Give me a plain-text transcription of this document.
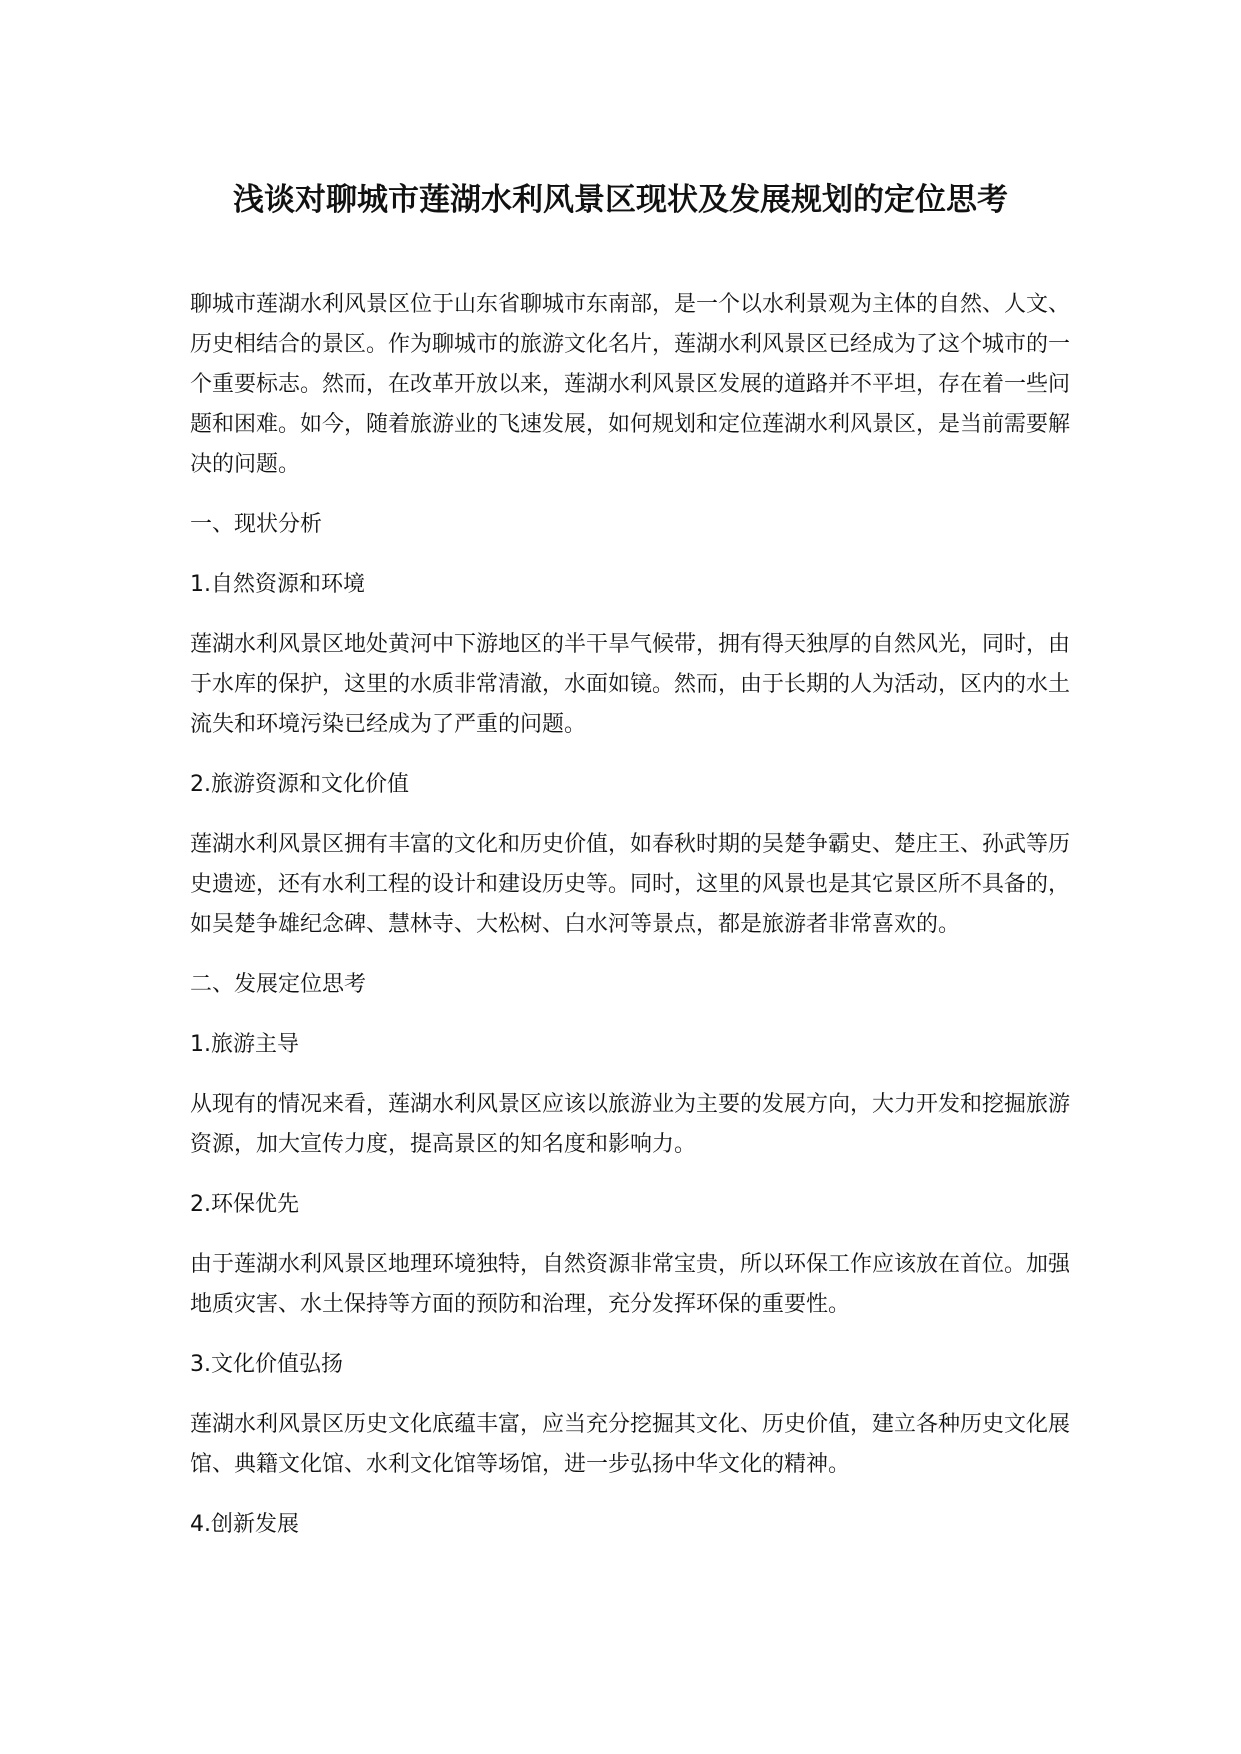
浅谈对聊城市莲湖水利风景区现状及发展规划的定位思考

聊城市莲湖水利风景区位于山东省聊城市东南部，是一个以水利景观为主体的自然、人文、历史相结合的景区。作为聊城市的旅游文化名片，莲湖水利风景区已经成为了这个城市的一个重要标志。然而，在改革开放以来，莲湖水利风景区发展的道路并不平坦，存在着一些问题和困难。如今，随着旅游业的飞速发展，如何规划和定位莲湖水利风景区，是当前需要解决的问题。

一、现状分析

1.自然资源和环境

莲湖水利风景区地处黄河中下游地区的半干旱气候带，拥有得天独厚的自然风光，同时，由于水库的保护，这里的水质非常清澈，水面如镜。然而，由于长期的人为活动，区内的水土流失和环境污染已经成为了严重的问题。

2.旅游资源和文化价值

莲湖水利风景区拥有丰富的文化和历史价值，如春秋时期的吴楚争霸史、楚庄王、孙武等历史遗迹，还有水利工程的设计和建设历史等。同时，这里的风景也是其它景区所不具备的，如吴楚争雄纪念碑、慧林寺、大松树、白水河等景点，都是旅游者非常喜欢的。

二、发展定位思考

1.旅游主导

从现有的情况来看，莲湖水利风景区应该以旅游业为主要的发展方向，大力开发和挖掘旅游资源，加大宣传力度，提高景区的知名度和影响力。

2.环保优先

由于莲湖水利风景区地理环境独特，自然资源非常宝贵，所以环保工作应该放在首位。加强地质灾害、水土保持等方面的预防和治理，充分发挥环保的重要性。

3.文化价值弘扬

莲湖水利风景区历史文化底蕴丰富，应当充分挖掘其文化、历史价值，建立各种历史文化展馆、典籍文化馆、水利文化馆等场馆，进一步弘扬中华文化的精神。

4.创新发展
